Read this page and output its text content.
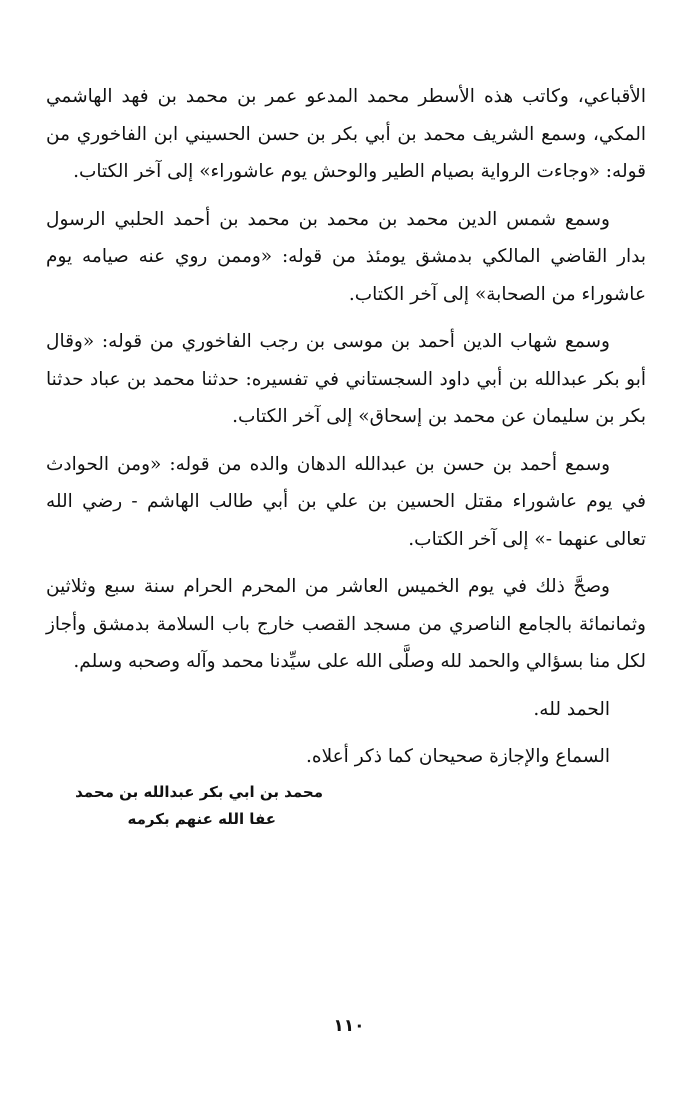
الأقباعي، وكاتب هذه الأسطر محمد المدعو عمر بن محمد بن فهد الهاشمي المكي، وسمع الشريف محمد بن أبي بكر بن حسن الحسيني ابن الفاخوري من قوله: «وجاءت الرواية بصيام الطير والوحش يوم عاشوراء» إلى آخر الكتاب.

وسمع شمس الدين محمد بن محمد بن محمد بن أحمد الحلبي الرسول بدار القاضي المالكي بدمشق يومئذ من قوله: «وممن روي عنه صيامه يوم عاشوراء من الصحابة» إلى آخر الكتاب.

وسمع شهاب الدين أحمد بن موسى بن رجب الفاخوري من قوله: «وقال أبو بكر عبدالله بن أبي داود السجستاني في تفسيره: حدثنا محمد بن عباد حدثنا بكر بن سليمان عن محمد بن إسحاق» إلى آخر الكتاب.

وسمع أحمد بن حسن بن عبدالله الدهان والده من قوله: «ومن الحوادث في يوم عاشوراء مقتل الحسين بن علي بن أبي طالب الهاشم - رضي الله تعالى عنهما -» إلى آخر الكتاب.

وصحَّ ذلك في يوم الخميس العاشر من المحرم الحرام سنة سبع وثلاثين وثمانمائة بالجامع الناصري من مسجد القصب خارج باب السلامة بدمشق وأجاز لكل منا بسؤالي والحمد لله وصلَّى الله على سيِّدنا محمد وآله وصحبه وسلم.

الحمد لله.

السماع والإجازة صحيحان كما ذكر أعلاه.

محمد بن ابي بكر عبدالله بن محمد
عفا الله عنهم بكرمه
١١٠
